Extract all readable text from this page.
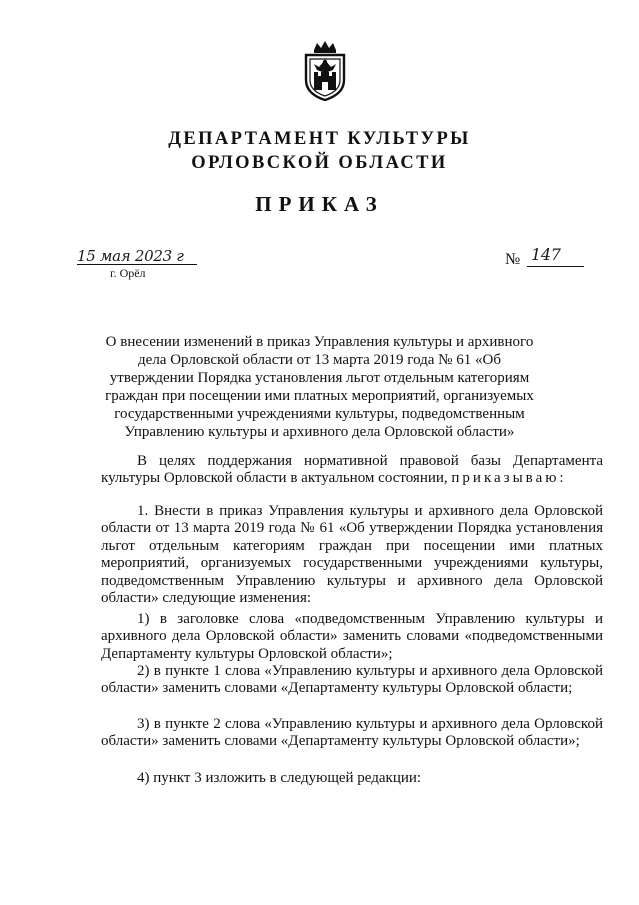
ДЕПАРТАМЕНТ КУЛЬТУРЫ
ОРЛОВСКОЙ ОБЛАСТИ
ПРИКАЗ
15 мая 2023 г
г. Орёл
№ 147
О внесении изменений в приказ Управления культуры и архивного дела Орловской области от 13 марта 2019 года № 61 «Об утверждении Порядка установления льгот отдельным категориям граждан при посещении ими платных мероприятий, организуемых государственными учреждениями культуры, подведомственным Управлению культуры и архивного дела Орловской области»
В целях поддержания нормативной правовой базы Департамента культуры Орловской области в актуальном состоянии, приказываю:
1. Внести в приказ Управления культуры и архивного дела Орловской области от 13 марта 2019 года № 61 «Об утверждении Порядка установления льгот отдельным категориям граждан при посещении ими платных мероприятий, организуемых государственными учреждениями культуры, подведомственным Управлению культуры и архивного дела Орловской области» следующие изменения:
1) в заголовке слова «подведомственным Управлению культуры и архивного дела Орловской области» заменить словами «подведомственными Департаменту культуры Орловской области»;
2) в пункте 1 слова «Управлению культуры и архивного дела Орловской области» заменить словами «Департаменту культуры Орловской области;
3) в пункте 2 слова «Управлению культуры и архивного дела Орловской области» заменить словами «Департаменту культуры Орловской области»;
4) пункт 3 изложить в следующей редакции:
